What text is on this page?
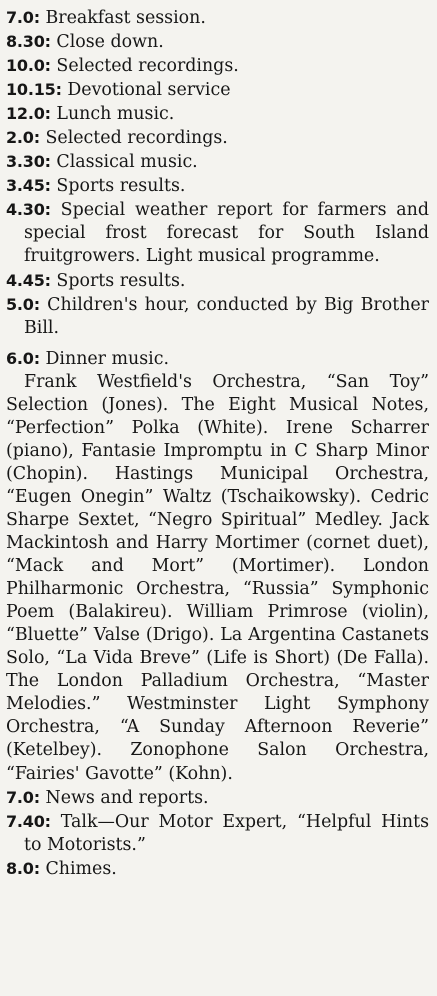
7.0: Breakfast session.

8.30: Close down.

10.0: Selected recordings.

10.15: Devotional service

12.0: Lunch music.

2.0: Selected recordings.

3.30: Classical music.

3.45: Sports results.

4.30: Special weather report for farmers and special frost forecast for South Island fruitgrowers. Light musical programme.

4.45: Sports results.

5.0: Children's hour, conducted by Big Brother Bill.

6.0: Dinner music.

Frank Westfield's Orchestra, “San Toy” Selection (Jones). The Eight Musical Notes, “Perfection” Polka (White). Irene Scharrer (piano), Fantasie Impromptu in C Sharp Minor (Chopin). Hastings Municipal Orchestra, “Eugen Onegin” Waltz (Tschaikowsky). Cedric Sharpe Sextet, “Negro Spiritual” Medley. Jack Mackintosh and Harry Mortimer (cornet duet), “Mack and Mort” (Mortimer). London Philharmonic Orchestra, “Russia” Symphonic Poem (Balakireu). William Primrose (violin), “Bluette” Valse (Drigo). La Argentina Castanets Solo, “La Vida Breve” (Life is Short) (De Falla). The London Palladium Orchestra, “Master Melodies.” Westminster Light Symphony Orchestra, “A Sunday Afternoon Reverie” (Ketelbey). Zonophone Salon Orchestra, “Fairies' Gavotte” (Kohn).

7.0: News and reports.

7.40: Talk—Our Motor Expert, “Helpful Hints to Motorists.”

8.0: Chimes.
